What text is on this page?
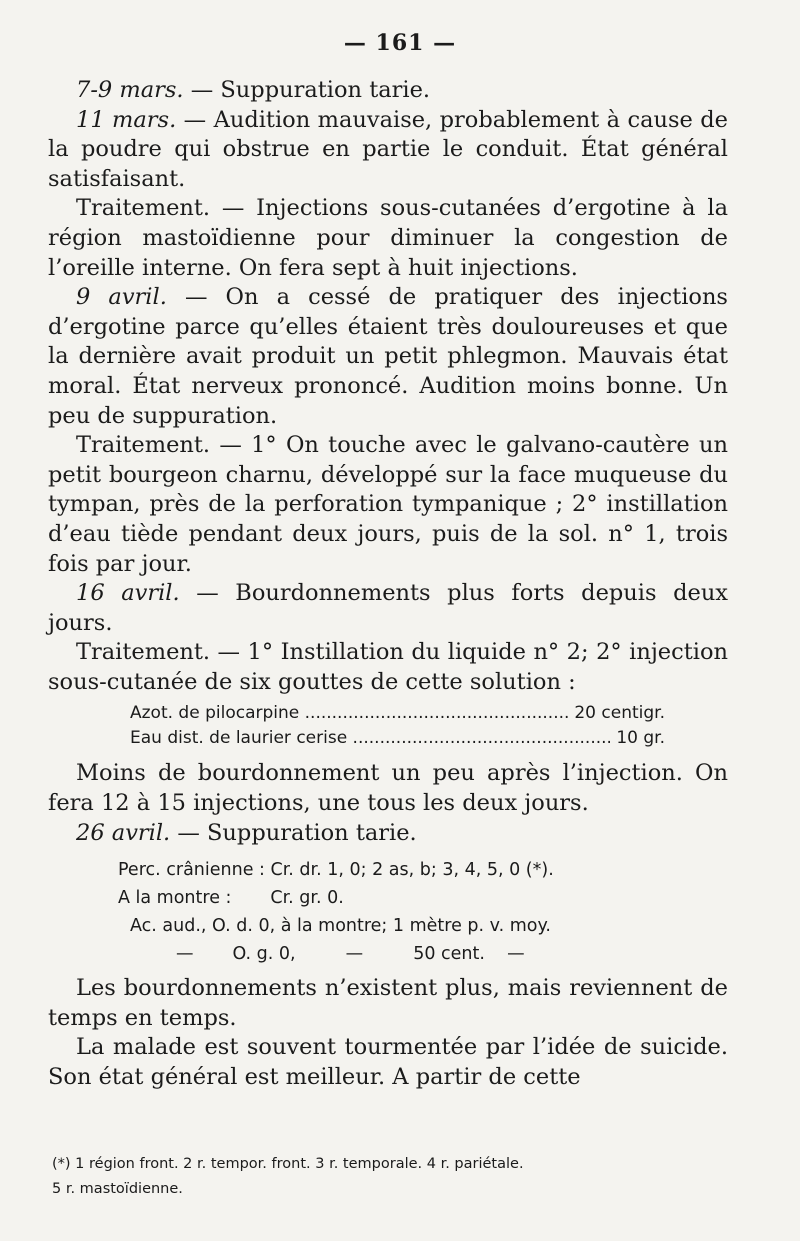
— 161 —

7-9 mars. — Suppuration tarie.

11 mars. — Audition mauvaise, probablement à cause de la poudre qui obstrue en partie le conduit. État général satisfaisant.

Traitement. — Injections sous-cutanées d’ergotine à la région mastoïdienne pour diminuer la congestion de l’oreille interne. On fera sept à huit injections.

9 avril. — On a cessé de pratiquer des injections d’ergotine parce qu’elles étaient très douloureuses et que la dernière avait produit un petit phlegmon. Mauvais état moral. État nerveux prononcé. Audition moins bonne. Un peu de suppuration.

Traitement. — 1° On touche avec le galvano-cautère un petit bourgeon charnu, développé sur la face muqueuse du tympan, près de la perforation tympanique ; 2° instillation d’eau tiède pendant deux jours, puis de la sol. n° 1, trois fois par jour.

16 avril. — Bourdonnements plus forts depuis deux jours.

Traitement. — 1° Instillation du liquide n° 2; 2° injection sous-cutanée de six gouttes de cette solution :

Azot. de pilocarpine .....	20 centigr.
Eau dist. de laurier cerise .....	10 gr.

Moins de bourdonnement un peu après l’injection. On fera 12 à 15 injections, une tous les deux jours.

26 avril. — Suppuration tarie.

Perc. crânienne : Cr. dr. 1, 0; 2 as, b; 3, 4, 5, 0 (*).
A la montre :       Cr. gr. 0.
Ac. aud., O. d. 0, à la montre; 1 mètre p. v. moy.
—       O. g. 0,         —         50 cent.    —

Les bourdonnements n’existent plus, mais reviennent de temps en temps.

La malade est souvent tourmentée par l’idée de suicide. Son état général est meilleur. A partir de cette

(*) 1 région front. 2 r. tempor. front. 3 r. temporale. 4 r. pariétale.
5 r. mastoïdienne.
